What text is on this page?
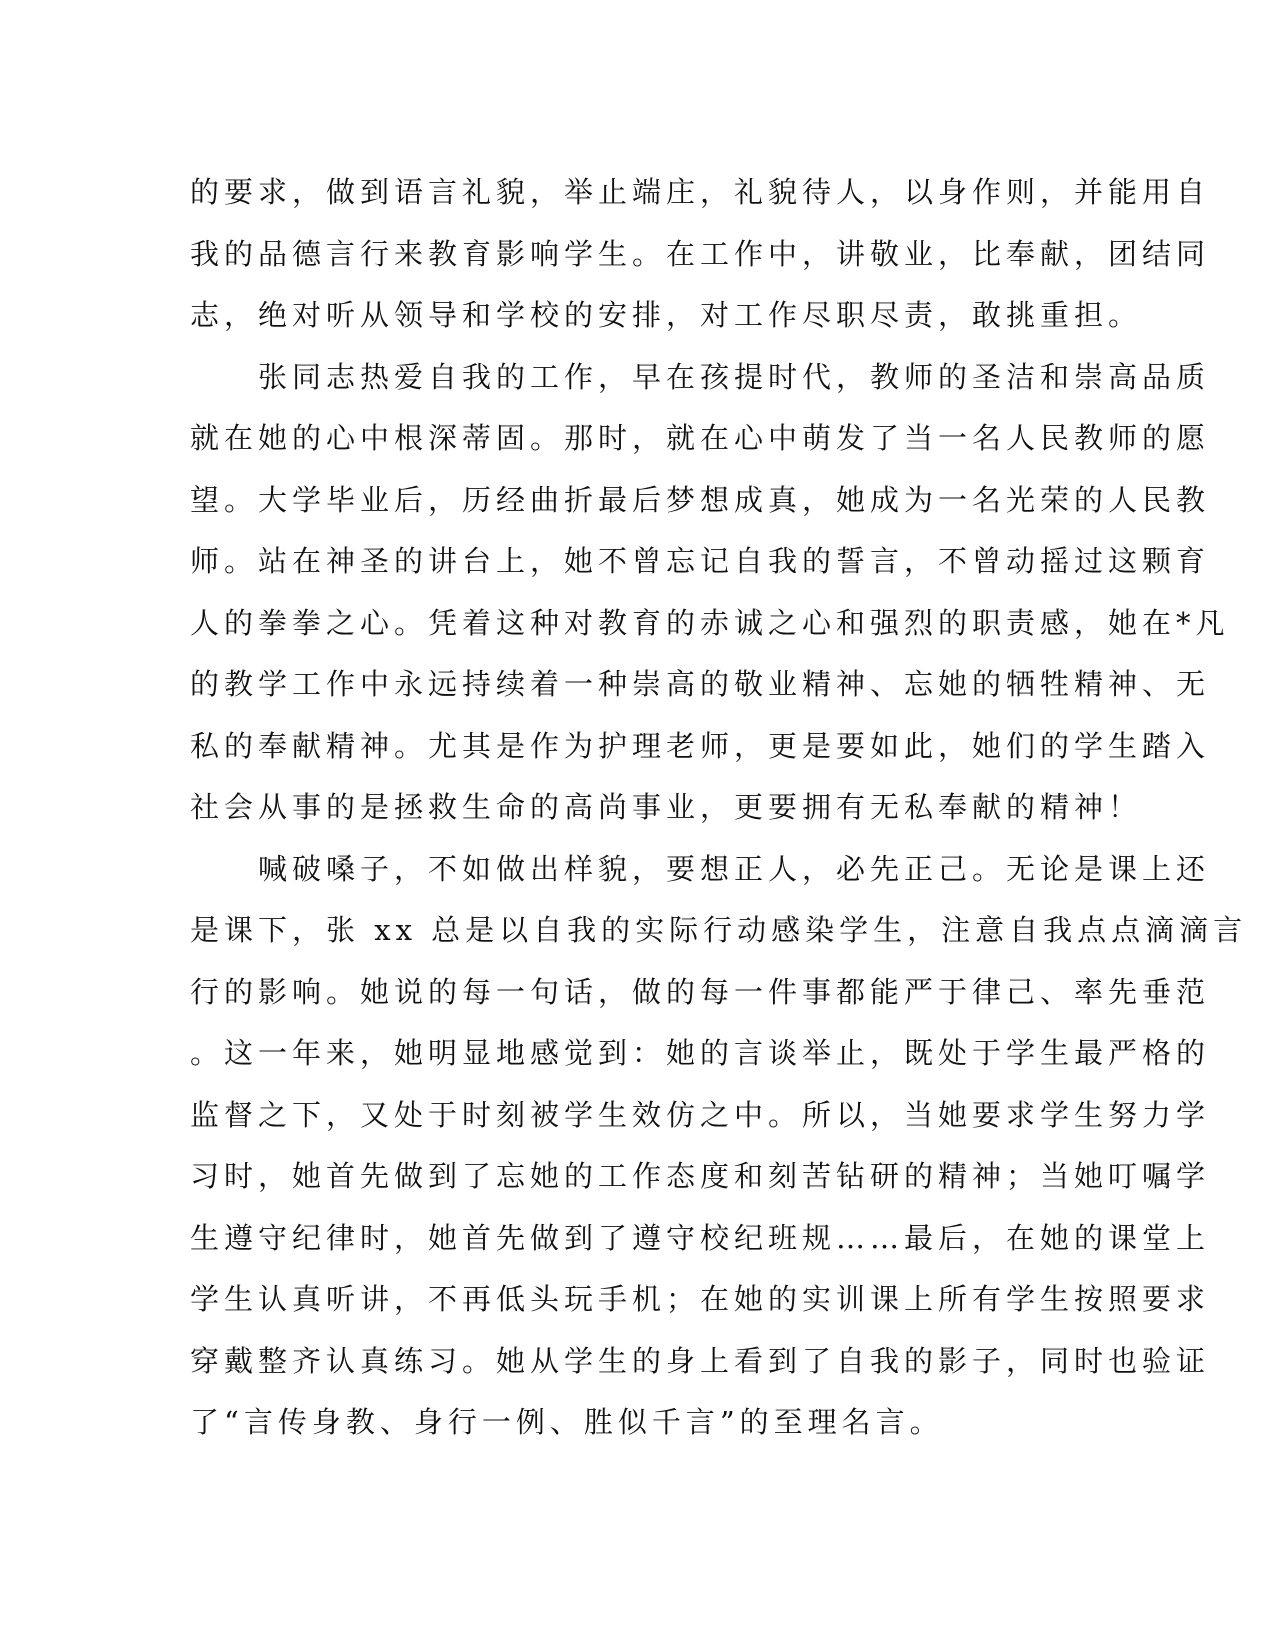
的要求，做到语言礼貌，举止端庄，礼貌待人，以身作则，并能用自
我的品德言行来教育影响学生。在工作中，讲敬业，比奉献，团结同
志，绝对听从领导和学校的安排，对工作尽职尽责，敢挑重担。
张同志热爱自我的工作，早在孩提时代，教师的圣洁和崇高品质
就在她的心中根深蒂固。那时，就在心中萌发了当一名人民教师的愿
望。大学毕业后，历经曲折最后梦想成真，她成为一名光荣的人民教
师。站在神圣的讲台上，她不曾忘记自我的誓言，不曾动摇过这颗育
人的拳拳之心。凭着这种对教育的赤诚之心和强烈的职责感，她在*凡
的教学工作中永远持续着一种崇高的敬业精神、忘她的牺牲精神、无
私的奉献精神。尤其是作为护理老师，更是要如此，她们的学生踏入
社会从事的是拯救生命的高尚事业，更要拥有无私奉献的精神！
喊破嗓子，不如做出样貌，要想正人，必先正己。无论是课上还
是课下，张 xx 总是以自我的实际行动感染学生，注意自我点点滴滴言
行的影响。她说的每一句话，做的每一件事都能严于律己、率先垂范
。这一年来，她明显地感觉到：她的言谈举止，既处于学生最严格的
监督之下，又处于时刻被学生效仿之中。所以，当她要求学生努力学
习时，她首先做到了忘她的工作态度和刻苦钻研的精神；当她叮嘱学
生遵守纪律时，她首先做到了遵守校纪班规……最后，在她的课堂上
学生认真听讲，不再低头玩手机；在她的实训课上所有学生按照要求
穿戴整齐认真练习。她从学生的身上看到了自我的影子，同时也验证
了“言传身教、身行一例、胜似千言”的至理名言。
